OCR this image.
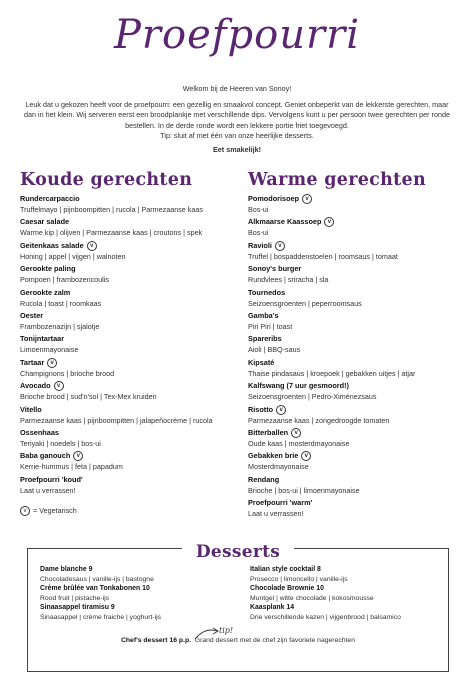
Proefpourri

Welkom bij de Heeren van Sonoy!

Leuk dat u gekozen heeft voor de proefpourri: een gezellig en smaakvol concept. Geniet onbeperkt van de lekkerste gerechten, maar dan in het klein. Wij serveren eerst een broodplankje met verschillende dips. Vervolgens kunt u per persoon twee gerechten per ronde bestellen. In de derde ronde wordt een lekkere portie friet toegevoegd.

Tip: sluit af met één van onze heerlijke desserts.

Eet smakelijk!

Koude gerechten
Rundercarpaccio
Truffelmayo | pijnboompitten | rucola | Parmezaanse kaas
Caesar salade
Warme kip | olijven | Parmezaanse kaas | croutons | spek
Geitenkaas salade v
Honing | appel | vijgen | walnoten
Gerookte paling
Pompoen | frambozencoulis
Gerookte zalm
Rucola | toast | roomkaas
Oester
Frambozenazijn | sjalotje
Tonijntartaar
Limoenmayonaise
Tartaar v
Champignons | brioche brood
Avocado v
Brioche brood | sud'n'sol | Tex-Mex kruiden
Vitello
Parmezaanse kaas | pijnboompitten | jalapeñocrème | rucola
Ossenhaas
Teriyaki | noedels | bos-ui
Baba ganouch v
Kerrie-hummus | feta | papadum
Proefpourri 'koud'
Laat u verrassen!
v = Vegetarisch
Warme gerechten
Pomodorisoep v
Bos-ui
Alkmaarse Kaassoep v
Bos-ui
Ravioli v
Truffel | bospaddenstoelen | roomsaus | tomaat
Sonoy's burger
Rundvlees | sriracha | sla
Tournedos
Seizoensgroenten | peperroomsaus
Gamba's
Piri Piri | toast
Spareribs
Aioli | BBQ-saus
Kipsaté
Thaise pindasaus | kroepoek | gebakken uitjes | atjar
Kalfswang (7 uur gesmoord!)
Seizoensgroenten | Pedro-Ximénezsaus
Risotto v
Parmezaanse kaas | zongedroogde tomaten
Bitterballen v
Oude kaas | mosterdmayonaise
Gebakken brie v
Mosterdmayonaise
Rendang
Brioche | bos-ui | limoenmayonaise
Proefpourri 'warm'
Laat u verrassen!
Desserts
Dame blanche 9
Chocoladesaus | vanille-ijs | bastogne
Crème brûlée van Tonkabonen 10
Rood fruit | pistache-ijs
Sinaasappel tiramisu 9
Sinaasappel | crème fraiche | yoghurt-ijs
Italian style cocktail 8
Prosecco | limoncello | vanille-ijs
Chocolade Brownie 10
Muntgel | witte chocolade | kokosmousse
Kaasplank 14
Drie verschillende kazen | vijgenbrood | balsamico
tip!
Chef's dessert 16 p.p. Grand dessert met de chef zijn favoriete nagerechten
